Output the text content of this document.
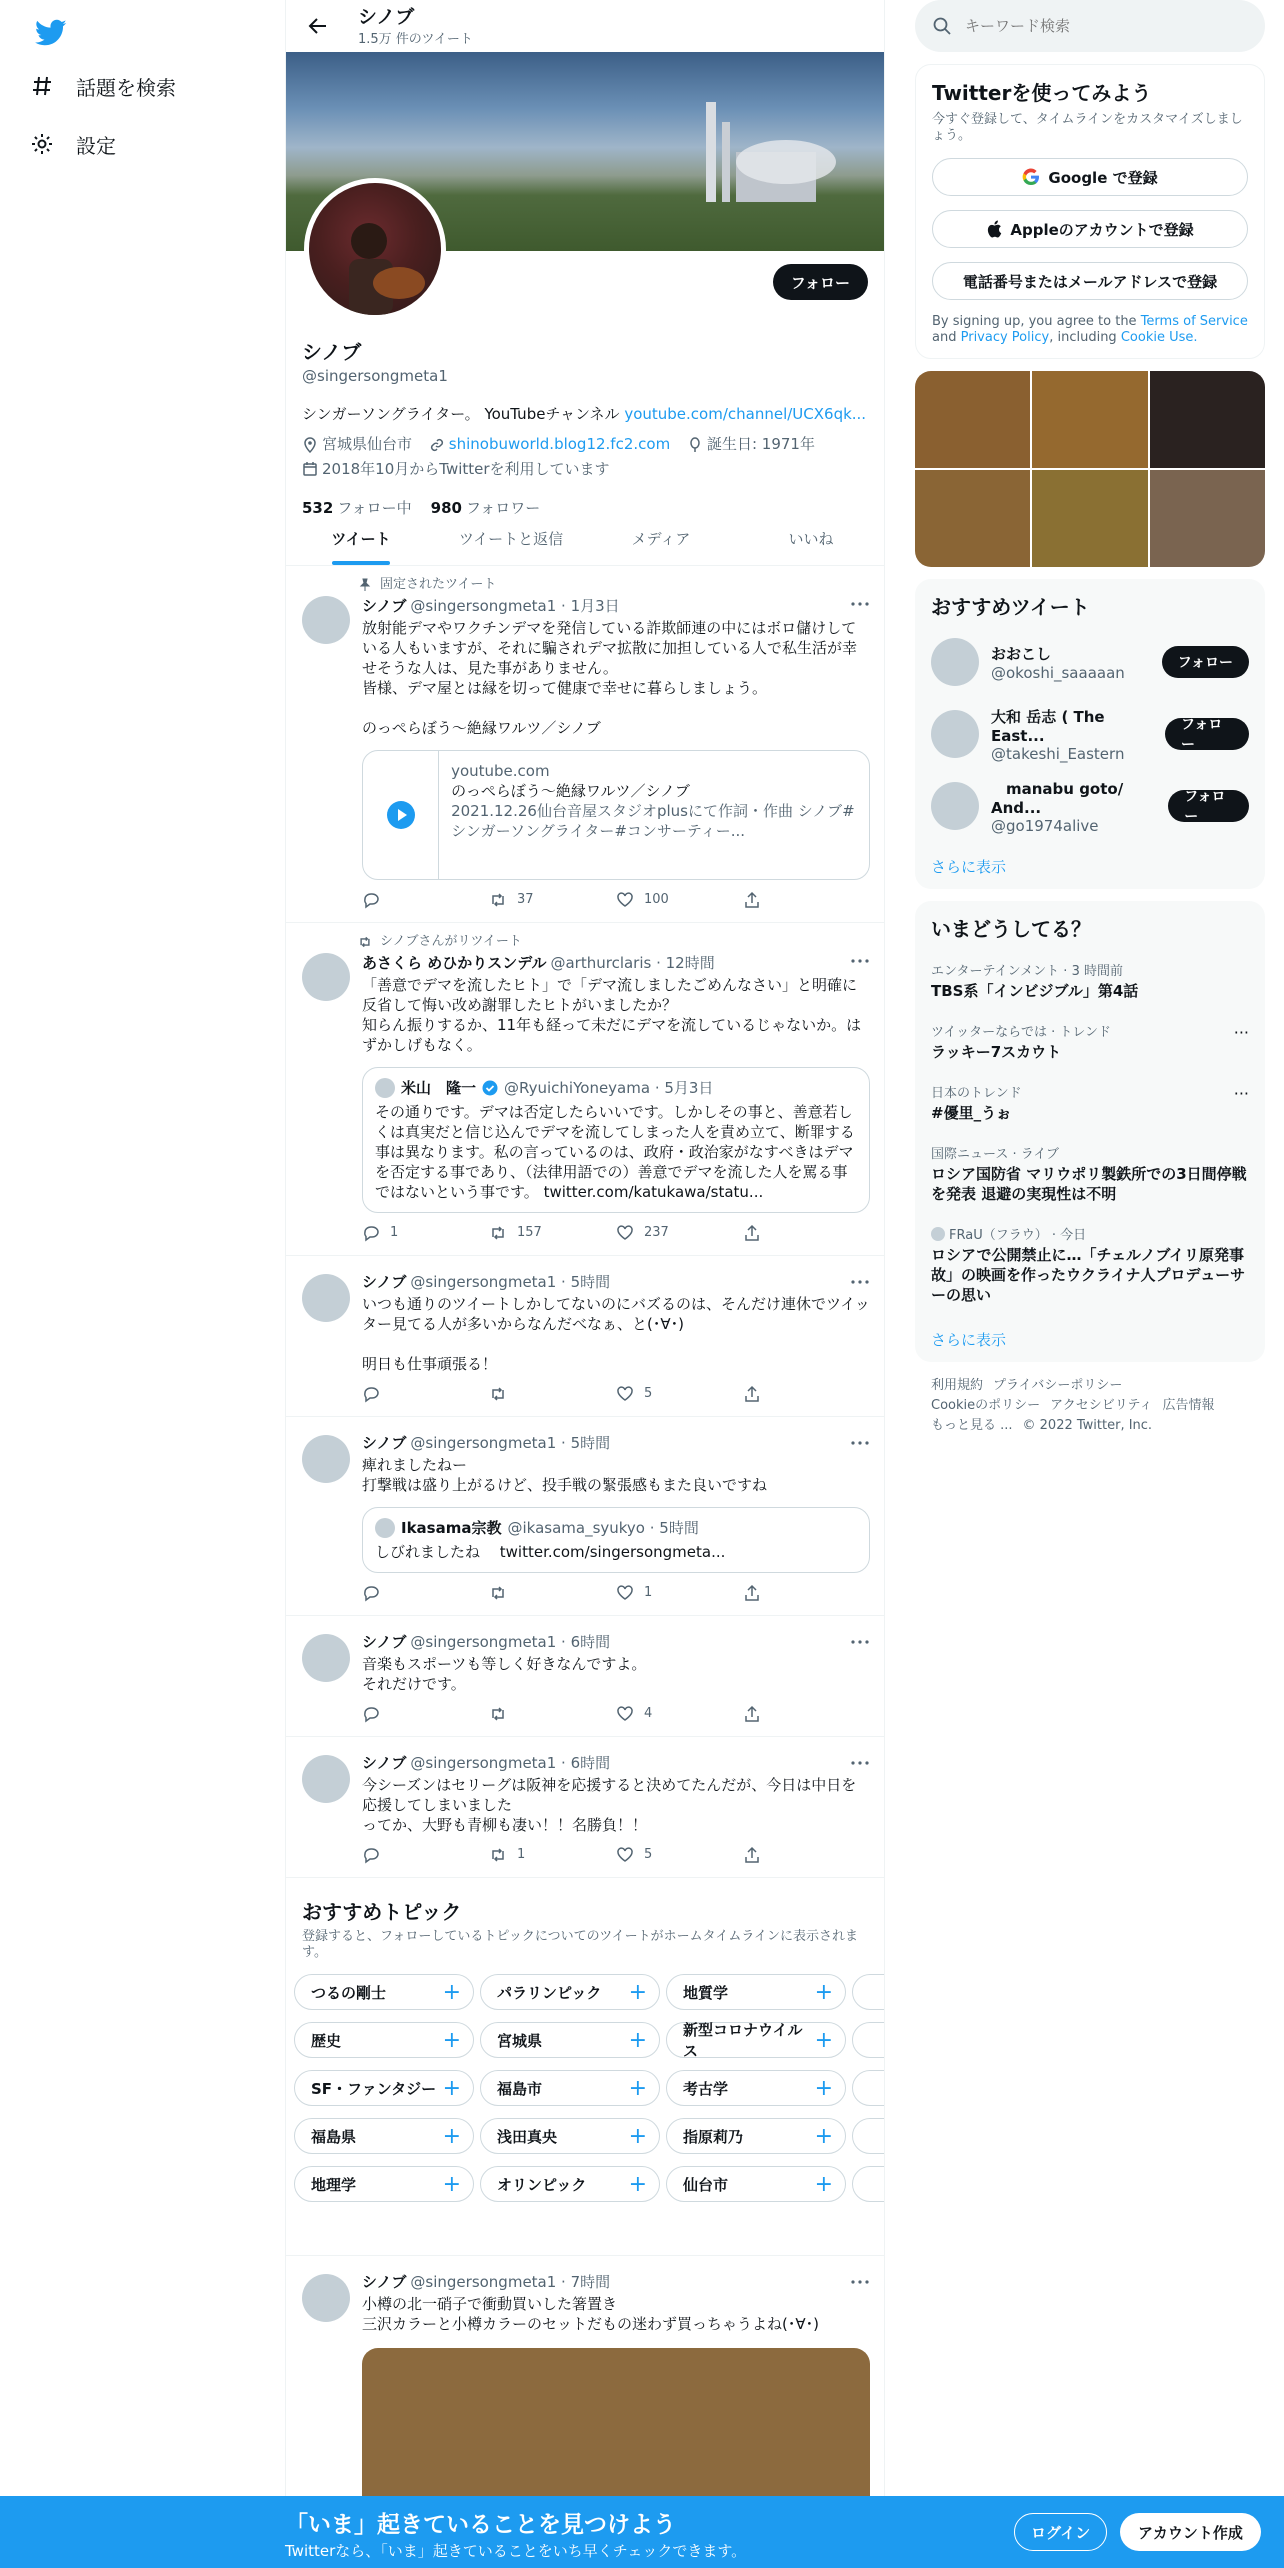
話題を検索
設定
シノブ
1.5万 件のツイート
フォロー
シノブ
@singersongmeta1
シンガーソングライター。 YouTubeチャンネル youtube.com/channel/UCX6qk...
宮城県仙台市
shinobuworld.blog12.fc2.com
誕生日: 1971年

2018年10月からTwitterを利用しています
532 フォロー中 980 フォロワー
ツイート	ツイートと返信	メディア	いいね
固定されたツイート
シノブ @singersongmeta1 · 1月3日
放射能デマやワクチンデマを発信している詐欺師連の中にはボロ儲けしている人もいますが、それに騙されデマ拡散に加担している人で私生活が幸せそうな人は、見た事がありません。
皆様、デマ屋とは縁を切って健康で幸せに暮らしましょう。

のっぺらぼう〜絶縁ワルツ／シノブ
youtube.com
のっぺらぼう〜絶縁ワルツ／シノブ
2021.12.26仙台音屋スタジオplusにて作詞・作曲 シノブ#シンガーソングライター#コンサーティー...
37	100
シノブさんがリツイート
あさくら めひかりスンデル @arthurclaris · 12時間
「善意でデマを流したヒト」で「デマ流しましたごめんなさい」と明確に反省して悔い改め謝罪したヒトがいましたか？
知らん振りするか、11年も経って未だにデマを流しているじゃないか。はずかしげもなく。
米山　隆一 @RyuichiYoneyama · 5月3日
その通りです。デマは否定したらいいです。しかしその事と、善意若しくは真実だと信じ込んでデマを流してしまった人を責め立て、断罪する事は異なります。私の言っているのは、政府・政治家がなすべきはデマを否定する事であり、（法律用語での）善意でデマを流した人を罵る事ではないという事です。 twitter.com/katukawa/statu...
1	157	237
シノブ @singersongmeta1 · 5時間
いつも通りのツイートしかしてないのにバズるのは、そんだけ連休でツイッター見てる人が多いからなんだべなぁ、と(･∀･)

明日も仕事頑張る！
5
シノブ @singersongmeta1 · 5時間
痺れましたねー
打撃戦は盛り上がるけど、投手戦の緊張感もまた良いですね
Ikasama宗教 @ikasama_syukyo · 5時間
しびれましたね　 twitter.com/singersongmeta...
1
シノブ @singersongmeta1 · 6時間
音楽もスポーツも等しく好きなんですよ。
それだけです。
4
シノブ @singersongmeta1 · 6時間
今シーズンはセリーグは阪神を応援すると決めてたんだが、今日は中日を応援してしまいました
ってか、大野も青柳も凄い！！名勝負！！
1	5
おすすめトピック

登録すると、フォローしているトピックについてのツイートがホームタイムラインに表示されます。

つるの剛士	+ パラリンピック + 地質学	+
歴史	+ 宮城県	+ 新型コロナウイルス	+
SF・ファンタジー + 福島市	+ 考古学	+
福島県	+ 浅田真央	+ 指原莉乃	+
地理学	+ オリンピック + 仙台市	+
シノブ @singersongmeta1 · 7時間
小樽の北一硝子で衝動買いした箸置き
三沢カラーと小樽カラーのセットだもの迷わず買っちゃうよね(･∀･)
キーワード検索
Twitterを使ってみよう
今すぐ登録して、タイムラインをカスタマイズしましょう。
Google で登録
Appleのアカウントで登録
電話番号またはメールアドレスで登録
By signing up, you agree to the Terms of Service and Privacy Policy, including Cookie Use.
おすすめツイート
おおこし
@okoshi_saaaaan
フォロー
大和 岳志 ( The East...
@takeshi_Eastern
フォロー
　manabu goto/ And...
@go1974alive
フォロー
さらに表示
いまどうしてる？
エンターテインメント · 3 時間前
TBS系「インビジブル」第4話
···
ツイッターならでは · トレンド
ラッキー7スカウト
···
日本のトレンド
#優里_うぉ
国際ニュース · ライブ
ロシア国防省 マリウポリ製鉄所での3日間停戦を発表 退避の実現性は不明
FRaU（フラウ） · 今日
ロシアで公開禁止に…「チェルノブイリ原発事故」の映画を作ったウクライナ人プロデューサーの思い
さらに表示
利用規約 プライバシーポリシー
Cookieのポリシー アクセシビリティ 広告情報
もっと見る ... © 2022 Twitter, Inc.
「いま」起きていることを見つけよう
Twitterなら、「いま」起きていることをいち早くチェックできます。
ログイン	アカウント作成
